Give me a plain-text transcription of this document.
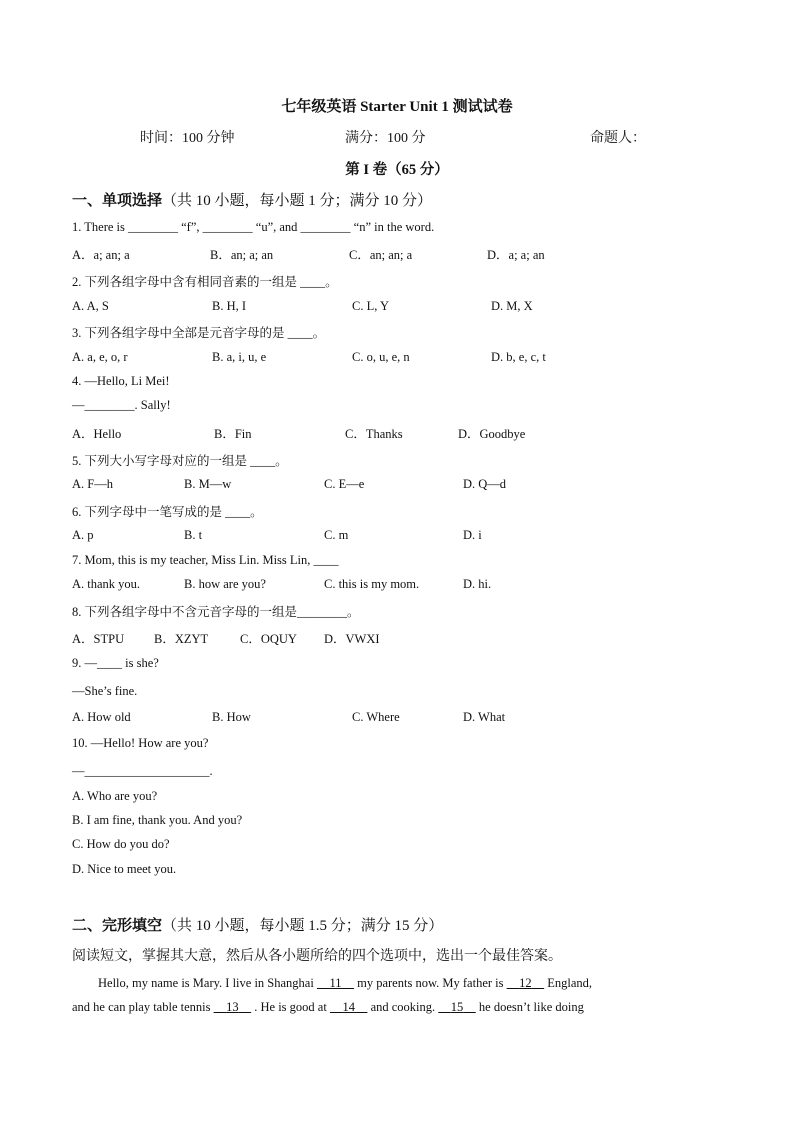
七年级英语 Starter Unit 1 测试试卷
时间：100 分钟	满分：100 分	命题人：
第 I 卷（65 分）
一、单项选择（共 10 小题，每小题 1 分；满分 10 分）
1. There is ________ “f”, ________ “u”, and ________ “n” in the word.
A．a; an; a	B．an; a; an	C．an; an; a	D．a; a; an
2. 下列各组字母中含有相同音素的一组是 ____。
A. A, S	B. H, I	C. L, Y	D. M, X
3. 下列各组字母中全部是元音字母的是 ____。
A. a, e, o, r	B. a, i, u, e	C. o, u, e, n	D. b, e, c, t
4. —Hello, Li Mei!
—________. Sally!
A．Hello	B．Fin	C．Thanks	D．Goodbye
5. 下列大小写字母对应的一组是 ____。
A. F—h	B. M—w	C. E—e	D. Q—d
6. 下列字母中一笔写成的是 ____。
A. p	B. t	C. m	D. i
7. Mom, this is my teacher, Miss Lin. Miss Lin, ____
A. thank you.	B. how are you?	C. this is my mom.	D. hi.
8. 下列各组字母中不含元音字母的一组是________。
A．STPU B．XZYT	C．OQUY D．VWXI
9. —____ is she?
—She’s fine.
A. How old	B. How	C. Where	D. What
10. —Hello! How are you?
—____________________.
A. Who are you?
B. I am fine, thank you. And you?
C. How do you do?
D. Nice to meet you.
二、完形填空（共 10 小题，每小题 1.5 分；满分 15 分）
阅读短文，掌握其大意，然后从各小题所给的四个选项中，选出一个最佳答案。
Hello, my name is Mary. I live in Shanghai     11     my parents now. My father is     12     England,
and he can play table tennis     13 . He is good at     14     and cooking.     15     he doesn’t like doing
